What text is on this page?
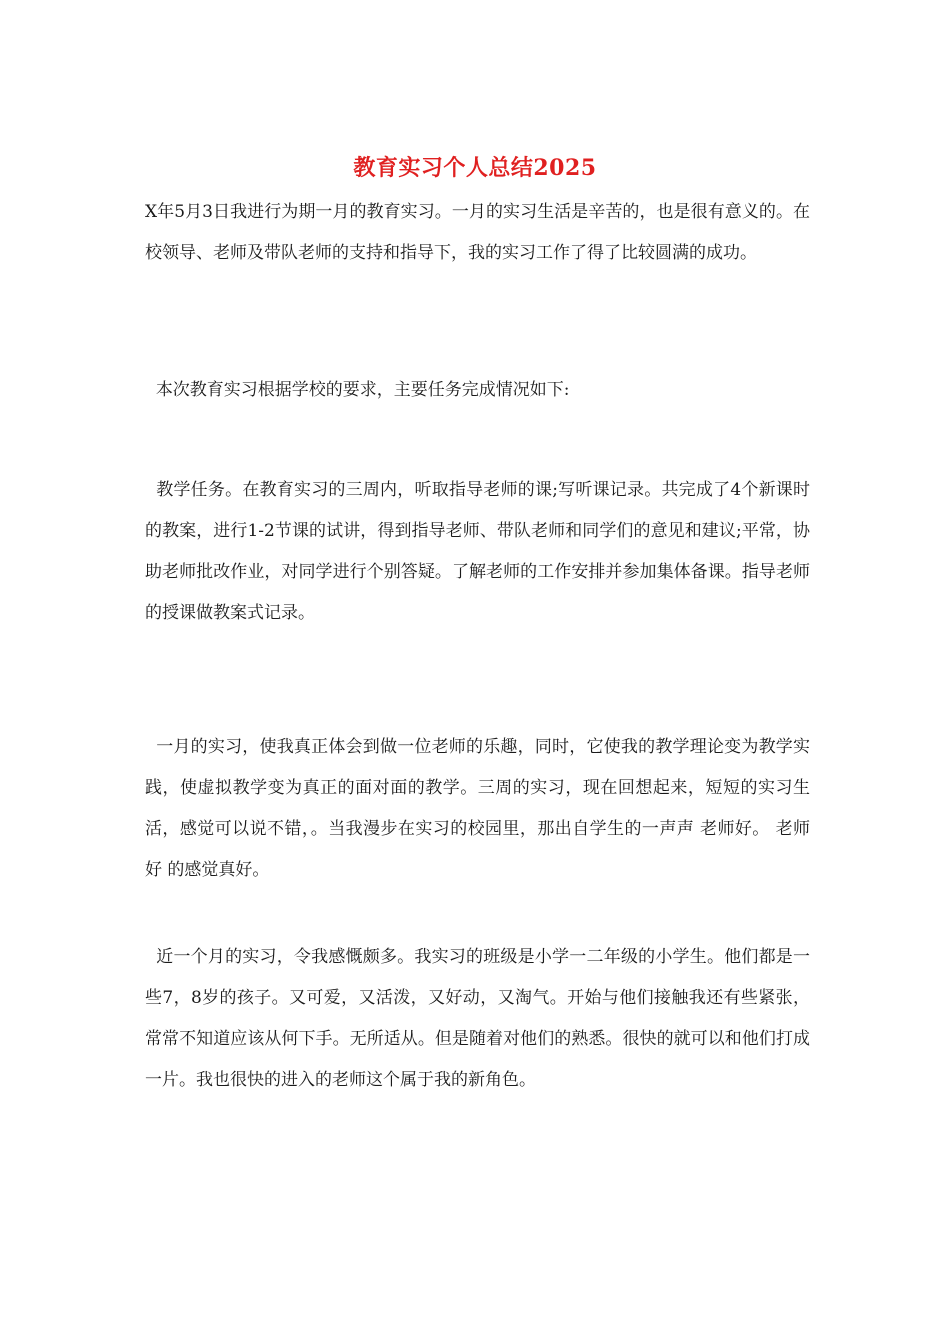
教育实习个人总结2025
X年5月3日我进行为期一月的教育实习。一月的实习生活是辛苦的，也是很有意义的。在校领导、老师及带队老师的支持和指导下，我的实习工作了得了比较圆满的成功。
本次教育实习根据学校的要求，主要任务完成情况如下:
教学任务。在教育实习的三周内，听取指导老师的课;写听课记录。共完成了4个新课时的教案，进行1-2节课的试讲，得到指导老师、带队老师和同学们的意见和建议;平常，协助老师批改作业，对同学进行个别答疑。了解老师的工作安排并参加集体备课。指导老师的授课做教案式记录。
一月的实习，使我真正体会到做一位老师的乐趣，同时，它使我的教学理论变为教学实践，使虚拟教学变为真正的面对面的教学。三周的实习，现在回想起来，短短的实习生活，感觉可以说不错，。当我漫步在实习的校园里，那出自学生的一声声 老师好。 老师好 的感觉真好。
近一个月的实习，令我感慨颇多。我实习的班级是小学一二年级的小学生。他们都是一些7，8岁的孩子。又可爱，又活泼，又好动，又淘气。开始与他们接触我还有些紧张，常常不知道应该从何下手。无所适从。但是随着对他们的熟悉。很快的就可以和他们打成一片。我也很快的进入的老师这个属于我的新角色。
